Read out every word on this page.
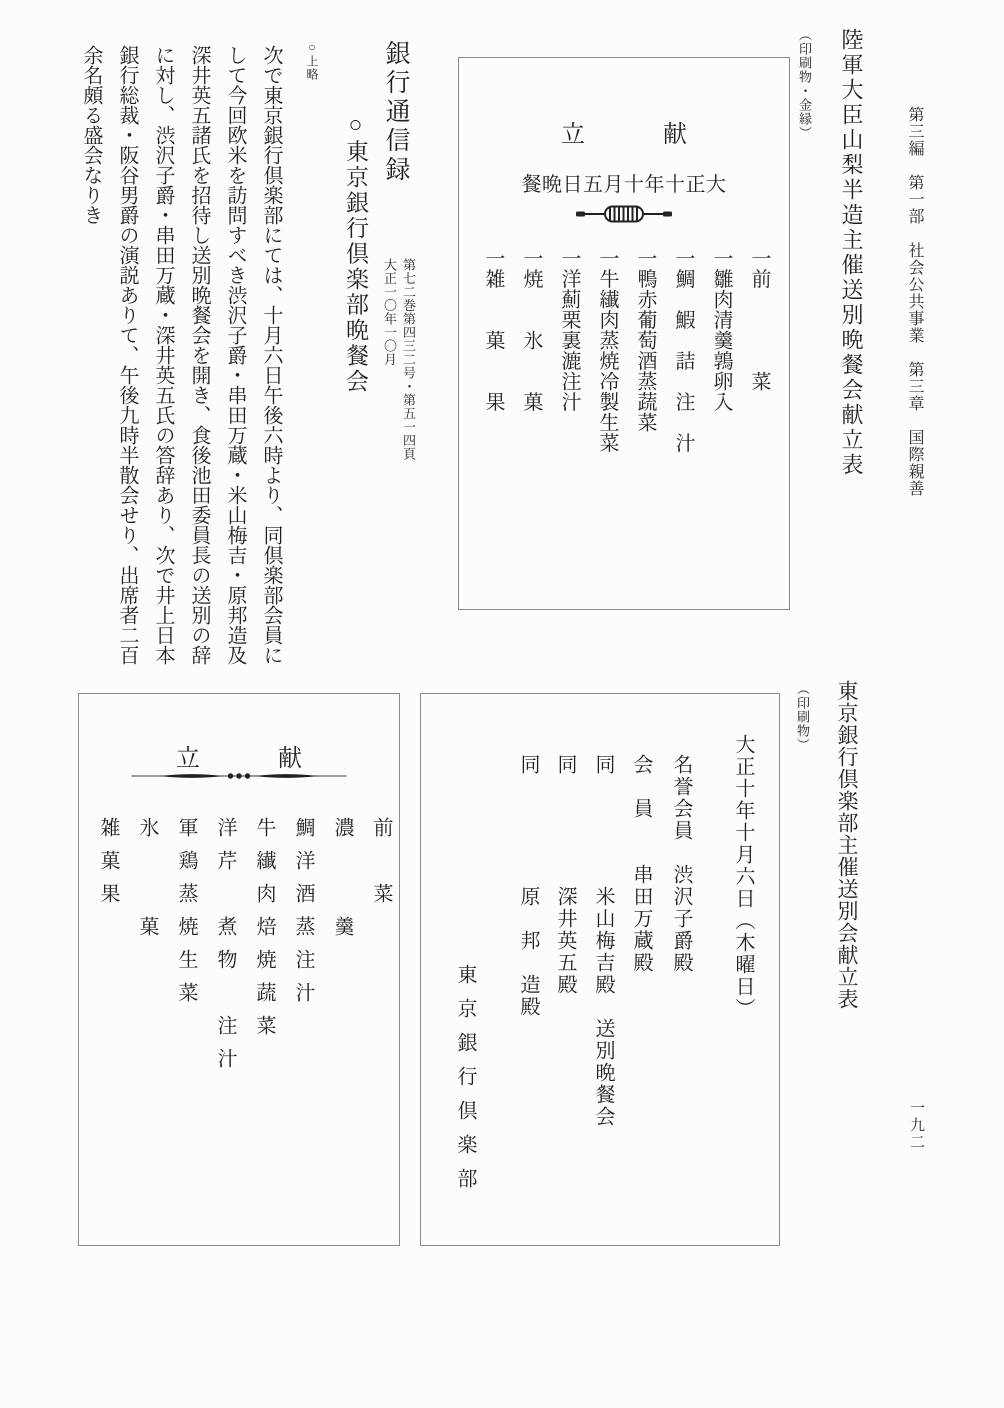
第三編　第一部　社会公共事業　第三章　国際親善
陸軍大臣山梨半造主催送別晩餐会献立表
（印刷物・金縁）
立	献
餐晩日五月十年十正大
一前　　　　菜
一雛肉清羹鶉卵入
一鯛　鰕　詰　注　汁
一鴨赤葡萄酒蒸蔬菜
一牛纎肉蒸焼冷製生菜
一洋薊栗裏漉注汁
一焼　　氷　　菓
一雑　　菓　　果
銀行通信録
第七二巻第四三二号・第五一四頁
大正一〇年一〇月
○上略
○東京銀行倶楽部晩餐会
次で東京銀行倶楽部にては、十月六日午後六時より、同倶楽部会員に
して今回欧米を訪問すべき渋沢子爵・串田万蔵・米山梅吉・原邦造及
深井英五諸氏を招待し送別晩餐会を開き、食後池田委員長の送別の辞
に対し、渋沢子爵・串田万蔵・深井英五氏の答辞あり、次で井上日本
銀行総裁・阪谷男爵の演説ありて、午後九時半散会せり、出席者二百
余名頗る盛会なりき
東京銀行倶楽部主催送別会献立表
（印刷物）
大正十年十月六日（木曜日）
名誉会員　渋沢子爵殿
会　員　　串田万蔵殿
同　　　　　米山梅吉殿　送別晩餐会
同　　　　　深井英五殿
同　　　　　原　邦　造殿
東京銀行倶楽部
立	献
前　菜
濃　　羹
鯛洋酒蒸注汁
牛纎肉焙焼蔬菜
洋芹　煮物　注汁
軍鶏蒸焼生菜
氷　　菓
雑菓果
一九二
